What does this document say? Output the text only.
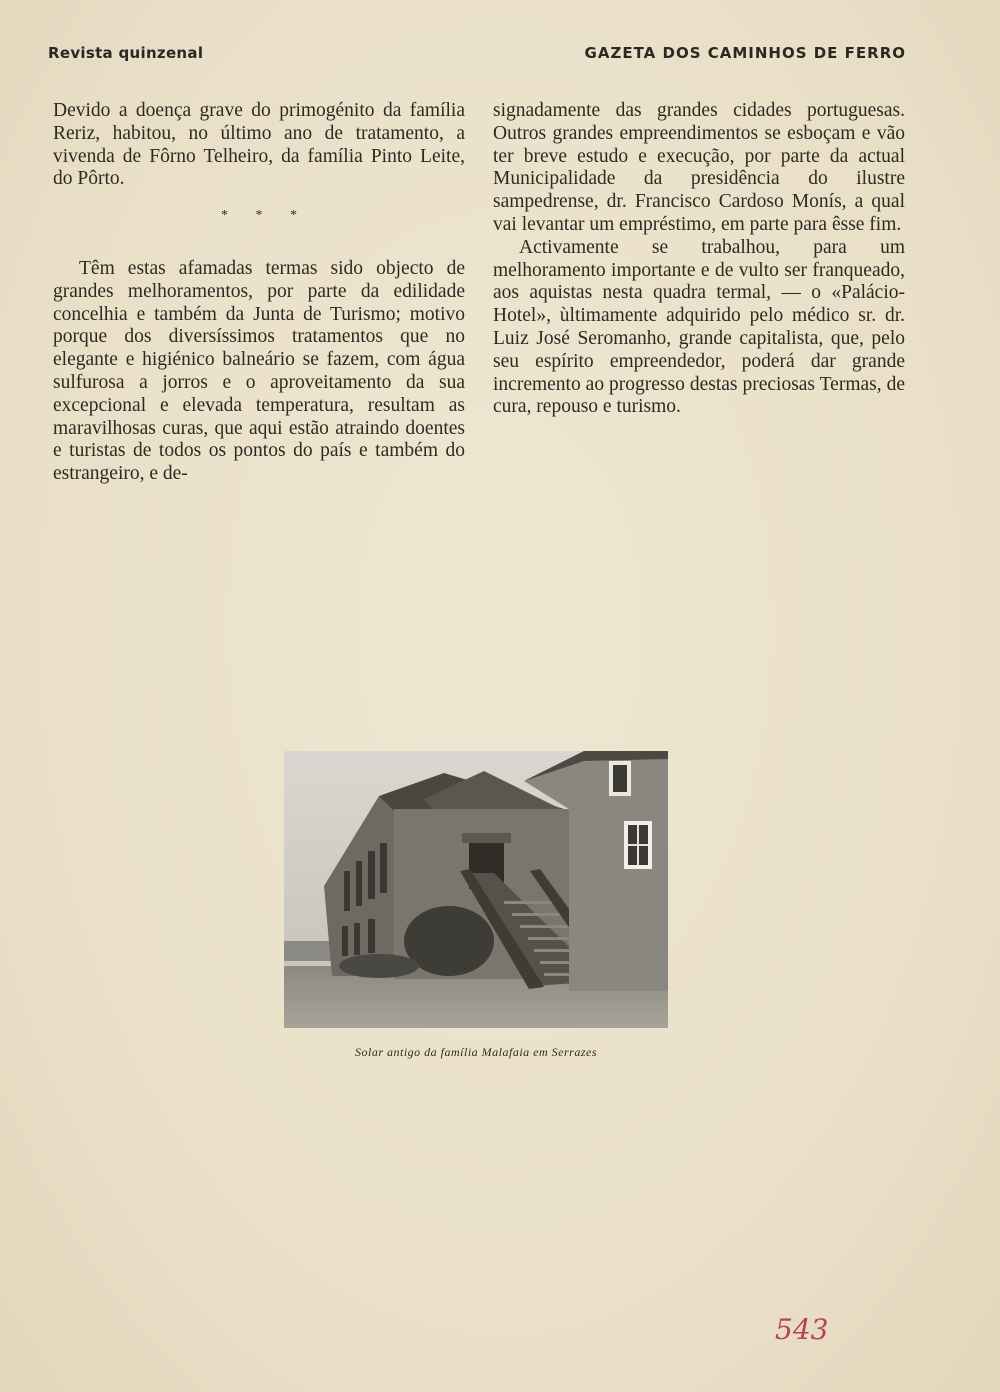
Revista quinzenal	GAZETA DOS CAMINHOS DE FERRO

Devido a doença grave do primogénito da família Reriz, habitou, no último ano de tratamento, a vivenda de Fôrno Telheiro, da família Pinto Leite, do Pôrto.

* * *

Têm estas afamadas termas sido objecto de grandes melhoramentos, por parte da edilidade concelhia e também da Junta de Turismo; motivo porque dos diversíssimos tratamentos que no elegante e higiénico balneário se fazem, com água sulfurosa a jorros e o aproveitamento da sua excepcional e elevada temperatura, resultam as maravilhosas curas, que aqui estão atraindo doentes e turistas de todos os pontos do país e também do estrangeiro, e de-

signadamente das grandes cidades portuguesas. Outros grandes empreendimentos se esboçam e vão ter breve estudo e execução, por parte da actual Municipalidade da presidência do ilustre sampedrense, dr. Francisco Cardoso Monís, a qual vai levantar um empréstimo, em parte para êsse fim.

Activamente se trabalhou, para um melhoramento importante e de vulto ser franqueado, aos aquistas nesta quadra termal, — o «Palácio-Hotel», ùltimamente adquirido pelo médico sr. dr. Luiz José Seromanho, grande capitalista, que, pelo seu espírito empreendedor, poderá dar grande incremento ao progresso destas preciosas Termas, de cura, repouso e turismo.

Solar antigo da família Malafaia em Serrazes
543
